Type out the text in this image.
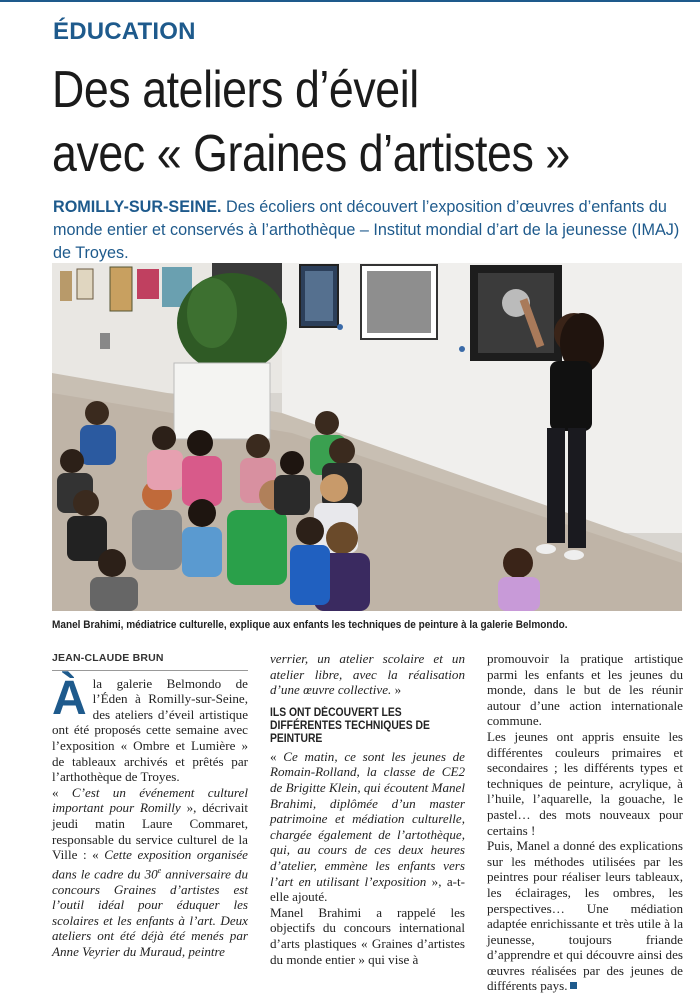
ÉDUCATION
Des ateliers d’éveil
avec « Graines d’artistes »
ROMILLY-SUR-SEINE. Des écoliers ont découvert l’exposition d’œuvres d’enfants du monde entier et conservés à l’arthothèque – Institut mondial d’art de la jeunesse (IMAJ) de Troyes.
Manel Brahimi, médiatrice culturelle, explique aux enfants les techniques de peinture à la galerie Belmondo.
JEAN-CLAUDE BRUN

Àla galerie Belmondo de l’Éden à Romilly-sur-Seine, des ateliers d’éveil artistique ont été proposés cette semaine avec l’exposition « Ombre et Lumière » de tableaux archivés et prêtés par l’arthothèque de Troyes.

« C’est un événement culturel important pour Romilly », décrivait jeudi matin Laure Commaret, responsable du service culturel de la Ville : « Cette exposition organisée dans le cadre du 30e anniversaire du concours Graines d’artistes est l’outil idéal pour éduquer les scolaires et les enfants à l’art. Deux ateliers ont été déjà été menés par Anne Veyrier du Muraud, peintre

verrier, un atelier scolaire et un atelier libre, avec la réalisation d’une œuvre collective. »

ILS ONT DÉCOUVERT LES DIFFÉRENTES TECHNIQUES DE PEINTURE

« Ce matin, ce sont les jeunes de Romain-Rolland, la classe de CE2 de Brigitte Klein, qui écoutent Manel Brahimi, diplômée d’un master patrimoine et médiation culturelle, chargée également de l’artothèque, qui, au cours de ces deux heures d’atelier, emmène les enfants vers l’art en utilisant l’exposition », a-t-elle ajouté.

Manel Brahimi a rappelé les objectifs du concours international d’arts plastiques « Graines d’artistes du monde entier » qui vise à

promouvoir la pratique artistique parmi les enfants et les jeunes du monde, dans le but de les réunir autour d’une action internationale commune.

Les jeunes ont appris ensuite les différentes couleurs primaires et secondaires ; les différents types et techniques de peinture, acrylique, à l’huile, l’aquarelle, la gouache, le pastel… des mots nouveaux pour certains !

Puis, Manel a donné des explications sur les méthodes utilisées par les peintres pour réaliser leurs tableaux, les éclairages, les ombres, les perspectives… Une médiation adaptée enrichissante et très utile à la jeunesse, toujours friande d’apprendre et qui découvre ainsi des œuvres réalisées par des jeunes de différents pays.
